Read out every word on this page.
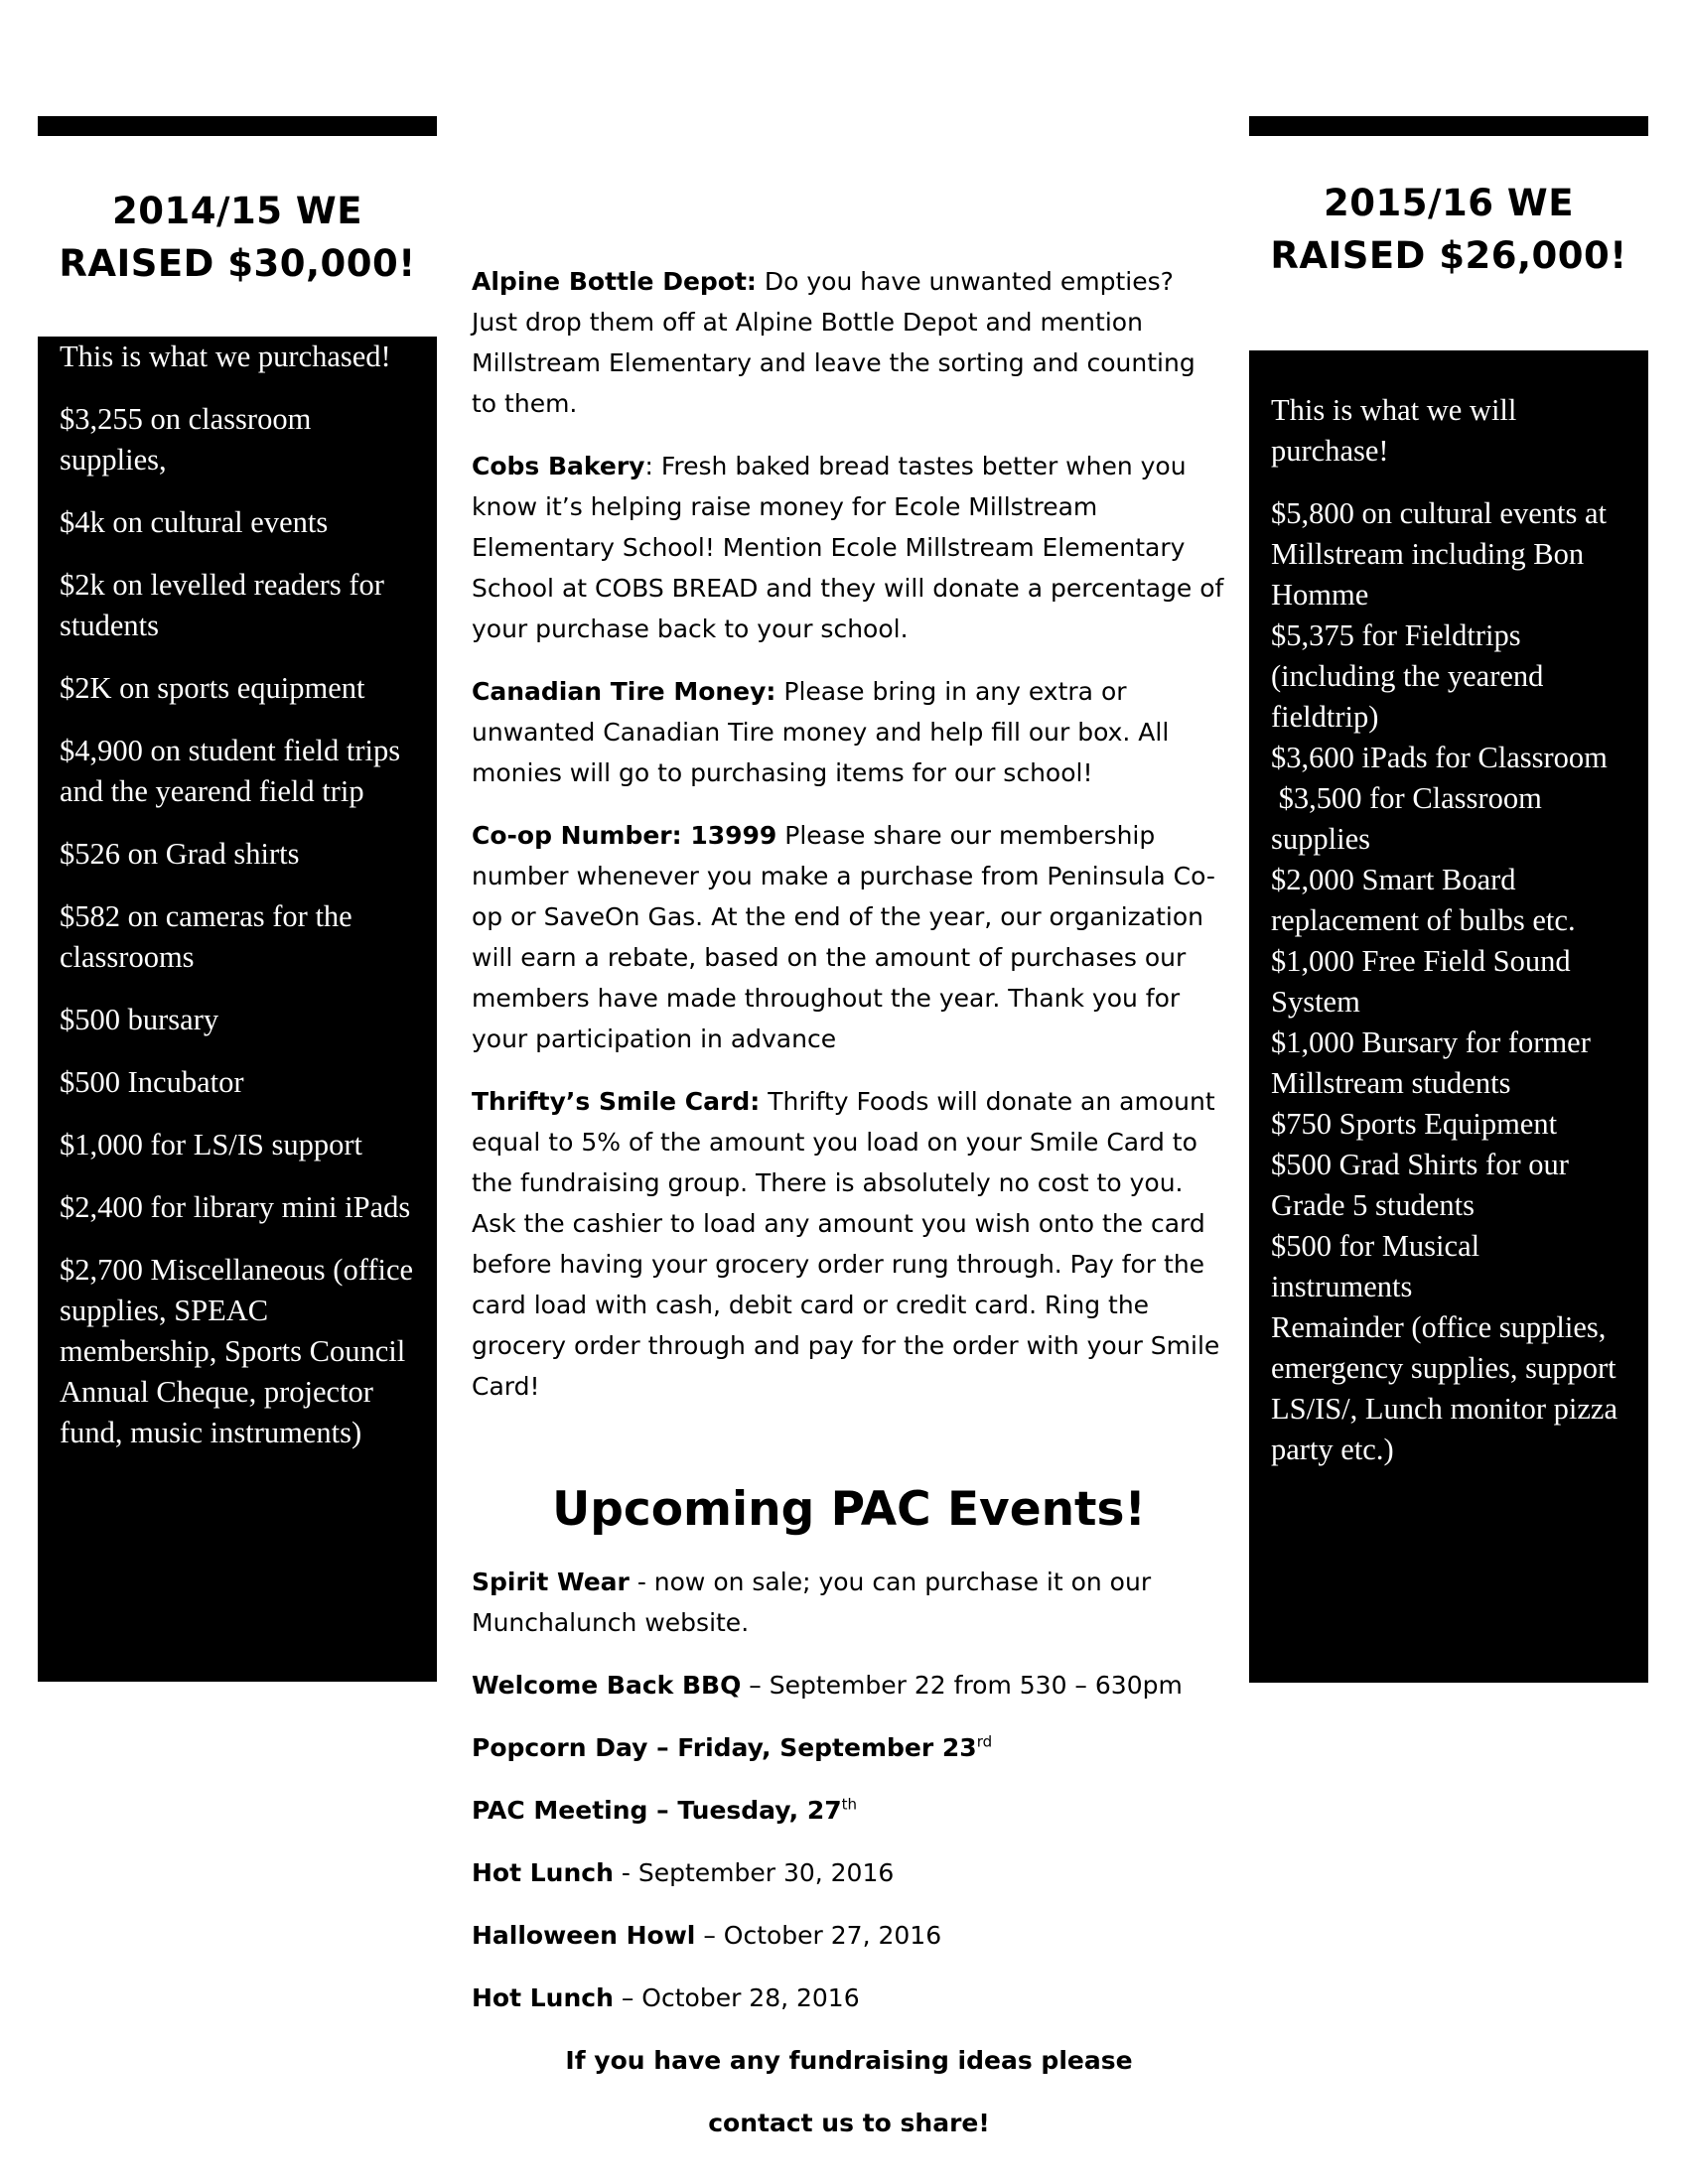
2014/15 WE
RAISED $30,000!
2015/16 WE
RAISED $26,000!

This is what we purchased!

$3,255 on classroom supplies,

$4k on cultural events

$2k on levelled readers for students

$2K on sports equipment

$4,900 on student field trips and the yearend field trip

$526 on Grad shirts

$582 on cameras for the classrooms

$500 bursary

$500 Incubator

$1,000 for LS/IS support

$2,400 for library mini iPads

$2,700 Miscellaneous (office supplies, SPEAC membership, Sports Council Annual Cheque, projector fund, music instruments)

This is what we will purchase!

$5,800 on cultural events at Millstream including Bon Homme

$5,375 for Fieldtrips (including the yearend fieldtrip)

$3,600 iPads for Classroom

$3,500 for Classroom supplies

$2,000 Smart Board replacement of bulbs etc.

$1,000 Free Field Sound System

$1,000 Bursary for former Millstream students

$750 Sports Equipment

$500 Grad Shirts for our Grade 5 students

$500 for Musical instruments

Remainder (office supplies, emergency supplies, support LS/IS/, Lunch monitor pizza party etc.)

Alpine Bottle Depot: Do you have unwanted empties? Just drop them off at Alpine Bottle Depot and mention Millstream Elementary and leave the sorting and counting to them.

Cobs Bakery: Fresh baked bread tastes better when you know it’s helping raise money for Ecole Millstream Elementary School! Mention Ecole Millstream Elementary School at COBS BREAD and they will donate a percentage of your purchase back to your school.

Canadian Tire Money: Please bring in any extra or unwanted Canadian Tire money and help fill our box. All monies will go to purchasing items for our school!

Co-op Number: 13999 Please share our membership number whenever you make a purchase from Peninsula Co-op or SaveOn Gas. At the end of the year, our organization will earn a rebate, based on the amount of purchases our members have made throughout the year. Thank you for your participation in advance

Thrifty’s Smile Card: Thrifty Foods will donate an amount equal to 5% of the amount you load on your Smile Card to the fundraising group. There is absolutely no cost to you. Ask the cashier to load any amount you wish onto the card before having your grocery order rung through. Pay for the card load with cash, debit card or credit card. Ring the grocery order through and pay for the order with your Smile Card!

Upcoming PAC Events!

Spirit Wear - now on sale; you can purchase it on our Munchalunch website.

Welcome Back BBQ – September 22 from 530 – 630pm

Popcorn Day – Friday, September 23rd

PAC Meeting – Tuesday, 27th

Hot Lunch - September 30, 2016

Halloween Howl – October 27, 2016

Hot Lunch – October 28, 2016

If you have any fundraising ideas please

contact us to share!
